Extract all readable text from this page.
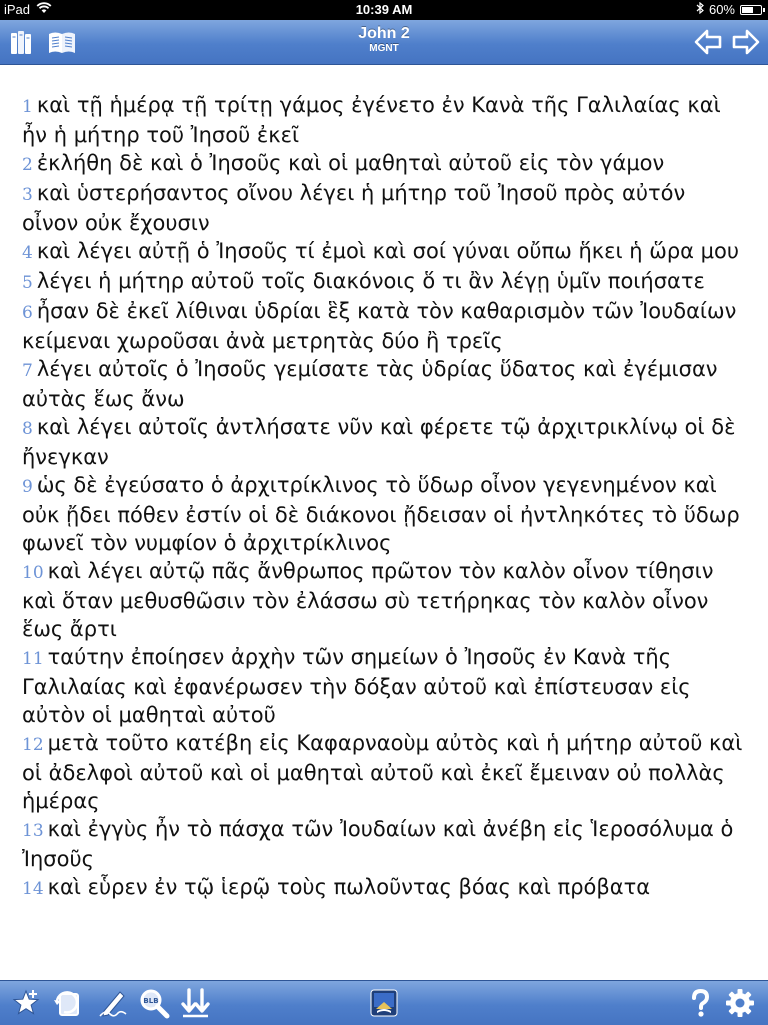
iPad	10:39 AM	60%
John 2
MGNT

1 καὶ τῇ ἡμέρᾳ τῇ τρίτῃ γάμος ἐγένετο ἐν Κανὰ τῆς Γαλιλαίας καὶ ἦν ἡ μήτηρ τοῦ Ἰησοῦ ἐκεῖ

2 ἐκλήθη δὲ καὶ ὁ Ἰησοῦς καὶ οἱ μαθηταὶ αὐτοῦ εἰς τὸν γάμον

3 καὶ ὑστερήσαντος οἴνου λέγει ἡ μήτηρ τοῦ Ἰησοῦ πρὸς αὐτόν οἶνον οὐκ ἔχουσιν

4 καὶ λέγει αὐτῇ ὁ Ἰησοῦς τί ἐμοὶ καὶ σοί γύναι οὔπω ἥκει ἡ ὥρα μου

5 λέγει ἡ μήτηρ αὐτοῦ τοῖς διακόνοις ὅ τι ἂν λέγῃ ὑμῖν ποιήσατε

6 ἦσαν δὲ ἐκεῖ λίθιναι ὑδρίαι ἓξ κατὰ τὸν καθαρισμὸν τῶν Ἰουδαίων κείμεναι χωροῦσαι ἀνὰ μετρητὰς δύο ἢ τρεῖς

7 λέγει αὐτοῖς ὁ Ἰησοῦς γεμίσατε τὰς ὑδρίας ὕδατος καὶ ἐγέμισαν αὐτὰς ἕως ἄνω

8 καὶ λέγει αὐτοῖς ἀντλήσατε νῦν καὶ φέρετε τῷ ἀρχιτρικλίνῳ οἱ δὲ ἤνεγκαν

9 ὡς δὲ ἐγεύσατο ὁ ἀρχιτρίκλινος τὸ ὕδωρ οἶνον γεγενημένον καὶ οὐκ ᾔδει πόθεν ἐστίν οἱ δὲ διάκονοι ᾔδεισαν οἱ ἠντληκότες τὸ ὕδωρ φωνεῖ τὸν νυμφίον ὁ ἀρχιτρίκλινος

10 καὶ λέγει αὐτῷ πᾶς ἄνθρωπος πρῶτον τὸν καλὸν οἶνον τίθησιν καὶ ὅταν μεθυσθῶσιν τὸν ἐλάσσω σὺ τετήρηκας τὸν καλὸν οἶνον ἕως ἄρτι

11 ταύτην ἐποίησεν ἀρχὴν τῶν σημείων ὁ Ἰησοῦς ἐν Κανὰ τῆς Γαλιλαίας καὶ ἐφανέρωσεν τὴν δόξαν αὐτοῦ καὶ ἐπίστευσαν εἰς αὐτὸν οἱ μαθηταὶ αὐτοῦ

12 μετὰ τοῦτο κατέβη εἰς Καφαρναοὺμ αὐτὸς καὶ ἡ μήτηρ αὐτοῦ καὶ οἱ ἀδελφοὶ αὐτοῦ καὶ οἱ μαθηταὶ αὐτοῦ καὶ ἐκεῖ ἔμειναν οὐ πολλὰς ἡμέρας

13 καὶ ἐγγὺς ἦν τὸ πάσχα τῶν Ἰουδαίων καὶ ἀνέβη εἰς Ἱεροσόλυμα ὁ Ἰησοῦς

14 καὶ εὗρεν ἐν τῷ ἱερῷ τοὺς πωλοῦντας βόας καὶ πρόβατα

BLB
